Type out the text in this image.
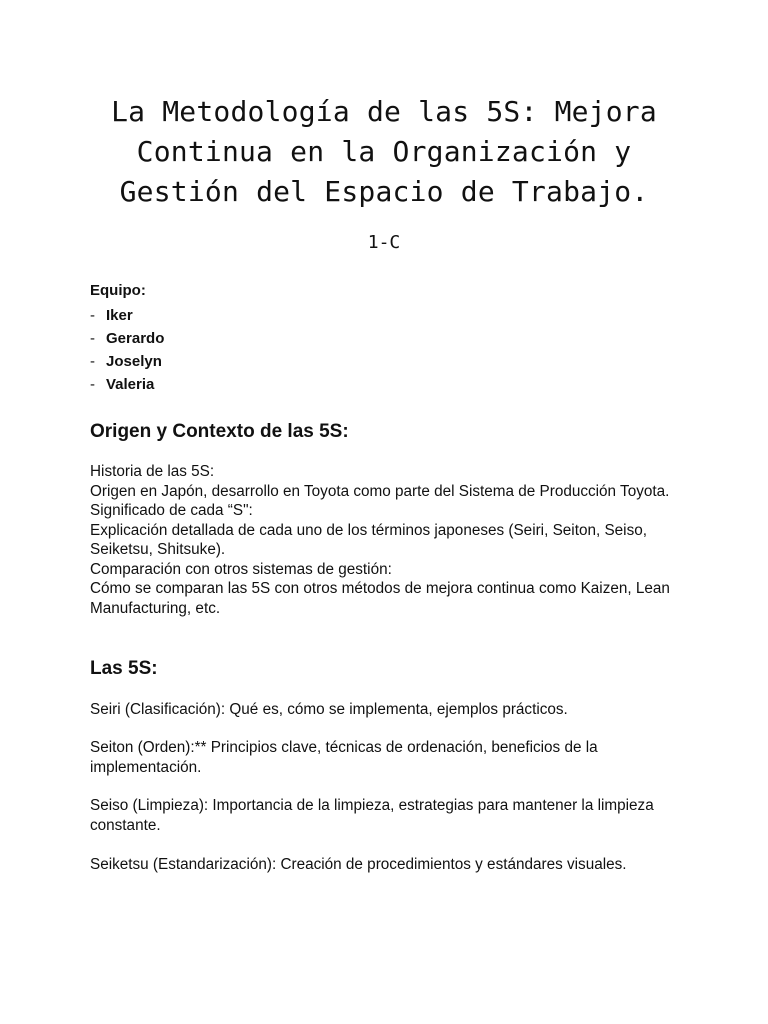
La Metodología de las 5S: Mejora
Continua en la Organización y
Gestión del Espacio de Trabajo.
1-C
Equipo:
- Iker
- Gerardo
- Joselyn
- Valeria
Origen y Contexto de las 5S:

Historia de las 5S:

Origen en Japón, desarrollo en Toyota como parte del Sistema de Producción Toyota.

Significado de cada “S":

Explicación detallada de cada uno de los términos japoneses (Seiri, Seiton, Seiso, Seiketsu, Shitsuke).

Comparación con otros sistemas de gestión:

Cómo se comparan las 5S con otros métodos de mejora continua como Kaizen, Lean Manufacturing, etc.

Las 5S:

Seiri (Clasificación): Qué es, cómo se implementa, ejemplos prácticos.

Seiton (Orden):** Principios clave, técnicas de ordenación, beneficios de la implementación.

Seiso (Limpieza): Importancia de la limpieza, estrategias para mantener la limpieza constante.

Seiketsu (Estandarización): Creación de procedimientos y estándares visuales.
